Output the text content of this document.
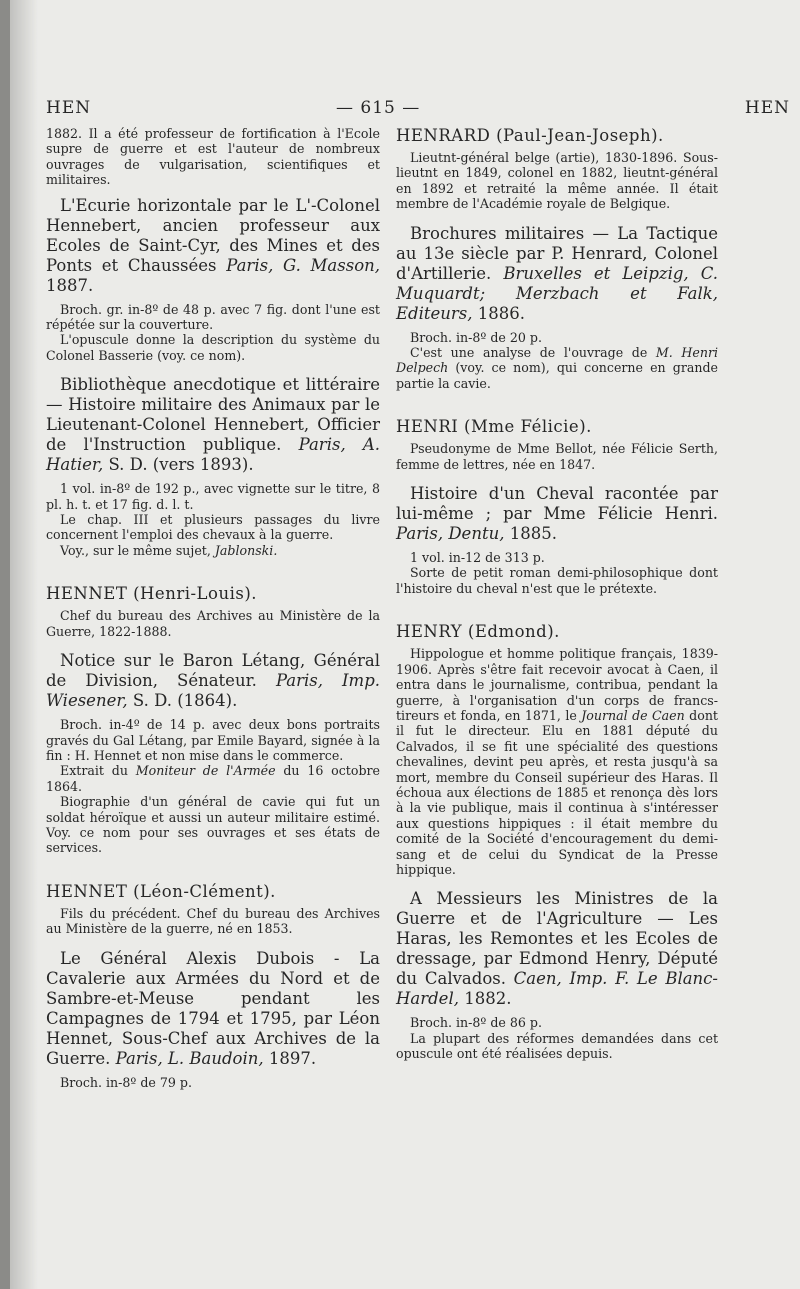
HEN	— 615 —	HEN

1882. Il a été professeur de fortification à l'Ecole supre de guerre et est l'auteur de nombreux ouvrages de vulgarisation, scientifiques et militaires.

L'Ecurie horizontale par le L'-Colonel Hennebert, ancien professeur aux Ecoles de Saint-Cyr, des Mines et des Ponts et Chaussées Paris, G. Masson, 1887.

Broch. gr. in-8º de 48 p. avec 7 fig. dont l'une est répétée sur la couverture.

L'opuscule donne la description du système du Colonel Basserie (voy. ce nom).

Bibliothèque anecdotique et littéraire — Histoire militaire des Animaux par le Lieutenant-Colonel Hennebert, Officier de l'Instruction publique. Paris, A. Hatier, S. D. (vers 1893).

1 vol. in-8º de 192 p., avec vignette sur le titre, 8 pl. h. t. et 17 fig. d. l. t.

Le chap. III et plusieurs passages du livre concernent l'emploi des chevaux à la guerre.

Voy., sur le même sujet, Jablonski.

HENNET (Henri-Louis).

Chef du bureau des Archives au Ministère de la Guerre, 1822-1888.

Notice sur le Baron Létang, Général de Division, Sénateur. Paris, Imp. Wiesener, S. D. (1864).

Broch. in-4º de 14 p. avec deux bons portraits gravés du Gal Létang, par Emile Bayard, signée à la fin : H. Hennet et non mise dans le commerce.

Extrait du Moniteur de l'Armée du 16 octobre 1864.

Biographie d'un général de cavie qui fut un soldat héroïque et aussi un auteur militaire estimé. Voy. ce nom pour ses ouvrages et ses états de services.

HENNET (Léon-Clément).

Fils du précédent. Chef du bureau des Archives au Ministère de la guerre, né en 1853.

Le Général Alexis Dubois - La Cavalerie aux Armées du Nord et de Sambre-et-Meuse pendant les Campagnes de 1794 et 1795, par Léon Hennet, Sous-Chef aux Archives de la Guerre. Paris, L. Baudoin, 1897.

Broch. in-8º de 79 p.

HENRARD (Paul-Jean-Joseph).

Lieutnt-général belge (artie), 1830-1896. Sous-lieutnt en 1849, colonel en 1882, lieutnt-général en 1892 et retraité la même année. Il était membre de l'Académie royale de Belgique.

Brochures militaires — La Tactique au 13e siècle par P. Henrard, Colonel d'Artillerie. Bruxelles et Leipzig, C. Muquardt; Merzbach et Falk, Editeurs, 1886.

Broch. in-8º de 20 p.

C'est une analyse de l'ouvrage de M. Henri Delpech (voy. ce nom), qui concerne en grande partie la cavie.

HENRI (Mme Félicie).

Pseudonyme de Mme Bellot, née Félicie Serth, femme de lettres, née en 1847.

Histoire d'un Cheval racontée par lui-même ; par Mme Félicie Henri. Paris, Dentu, 1885.

1 vol. in-12 de 313 p.

Sorte de petit roman demi-philosophique dont l'histoire du cheval n'est que le prétexte.

HENRY (Edmond).

Hippologue et homme politique français, 1839-1906. Après s'être fait recevoir avocat à Caen, il entra dans le journalisme, contribua, pendant la guerre, à l'organisation d'un corps de francs-tireurs et fonda, en 1871, le Journal de Caen dont il fut le directeur. Elu en 1881 député du Calvados, il se fit une spécialité des questions chevalines, devint peu après, et resta jusqu'à sa mort, membre du Conseil supérieur des Haras. Il échoua aux élections de 1885 et renonça dès lors à la vie publique, mais il continua à s'intéresser aux questions hippiques : il était membre du comité de la Société d'encouragement du demi-sang et de celui du Syndicat de la Presse hippique.

A Messieurs les Ministres de la Guerre et de l'Agriculture — Les Haras, les Remontes et les Ecoles de dressage, par Edmond Henry, Député du Calvados. Caen, Imp. F. Le Blanc-Hardel, 1882.

Broch. in-8º de 86 p.

La plupart des réformes demandées dans cet opuscule ont été réalisées depuis.
